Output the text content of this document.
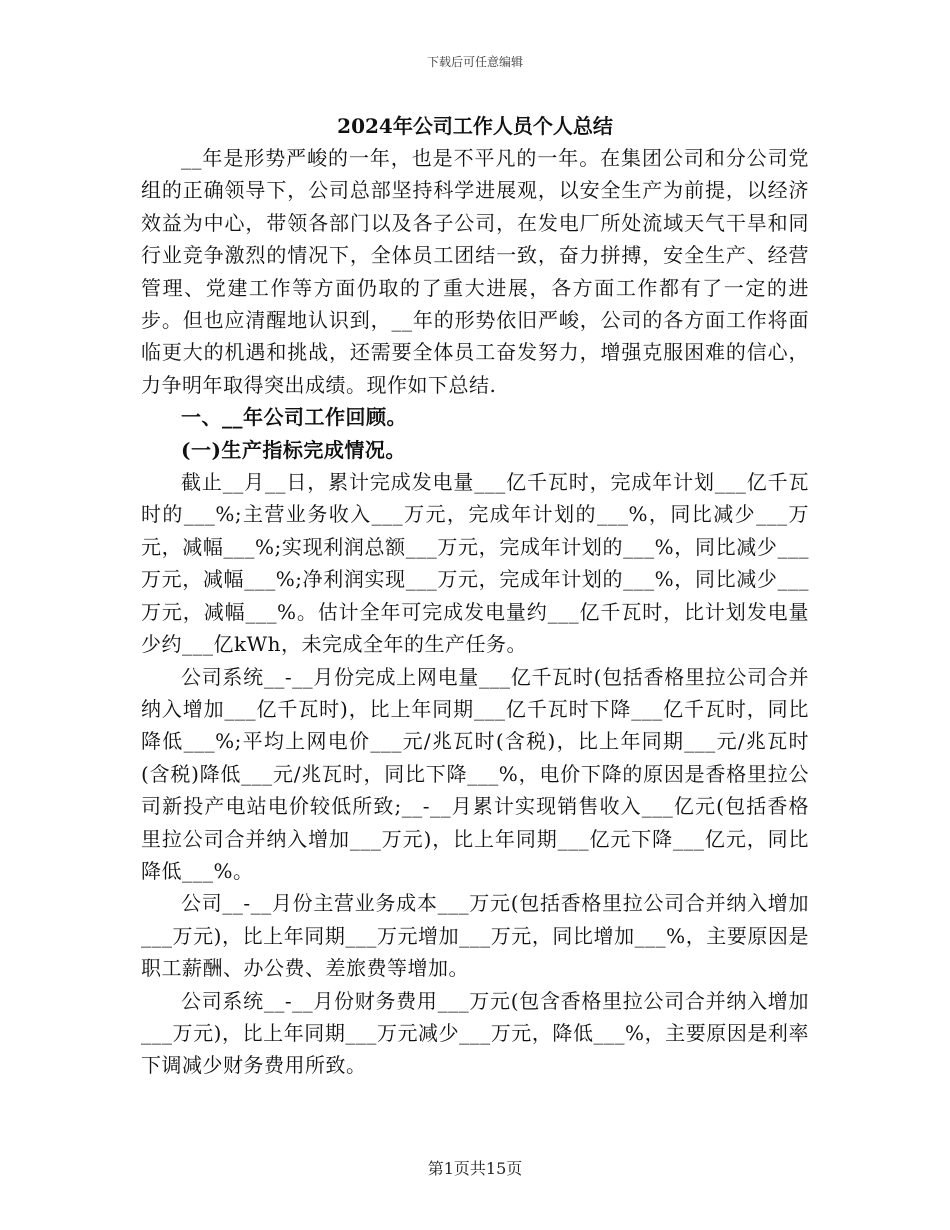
下载后可任意编辑
2024年公司工作人员个人总结

__年是形势严峻的一年，也是不平凡的一年。在集团公司和分公司党组的正确领导下，公司总部坚持科学进展观，以安全生产为前提，以经济效益为中心，带领各部门以及各子公司，在发电厂所处流域天气干旱和同行业竞争激烈的情况下，全体员工团结一致，奋力拼搏，安全生产、经营管理、党建工作等方面仍取的了重大进展，各方面工作都有了一定的进步。但也应清醒地认识到，__年的形势依旧严峻，公司的各方面工作将面临更大的机遇和挑战，还需要全体员工奋发努力，增强克服困难的信心，力争明年取得突出成绩。现作如下总结.

一、__年公司工作回顾。

(一)生产指标完成情况。

截止__月__日，累计完成发电量___亿千瓦时，完成年计划___亿千瓦时的___%;主营业务收入___万元，完成年计划的___%，同比减少___万元，减幅___%;实现利润总额___万元，完成年计划的___%，同比减少___万元，减幅___%;净利润实现___万元，完成年计划的___%，同比减少___万元，减幅___%。估计全年可完成发电量约___亿千瓦时，比计划发电量少约___亿kWh，未完成全年的生产任务。

公司系统__-__月份完成上网电量___亿千瓦时(包括香格里拉公司合并纳入增加___亿千瓦时)，比上年同期___亿千瓦时下降___亿千瓦时，同比降低___%;平均上网电价___元/兆瓦时(含税)，比上年同期___元/兆瓦时(含税)降低___元/兆瓦时，同比下降___%，电价下降的原因是香格里拉公司新投产电站电价较低所致;__-__月累计实现销售收入___亿元(包括香格里拉公司合并纳入增加___万元)，比上年同期___亿元下降___亿元，同比降低___%。

公司__-__月份主营业务成本___万元(包括香格里拉公司合并纳入增加___万元)，比上年同期___万元增加___万元，同比增加___%，主要原因是职工薪酬、办公费、差旅费等增加。

公司系统__-__月份财务费用___万元(包含香格里拉公司合并纳入增加___万元)，比上年同期___万元减少___万元，降低___%，主要原因是利率下调减少财务费用所致。

第1页共15页
